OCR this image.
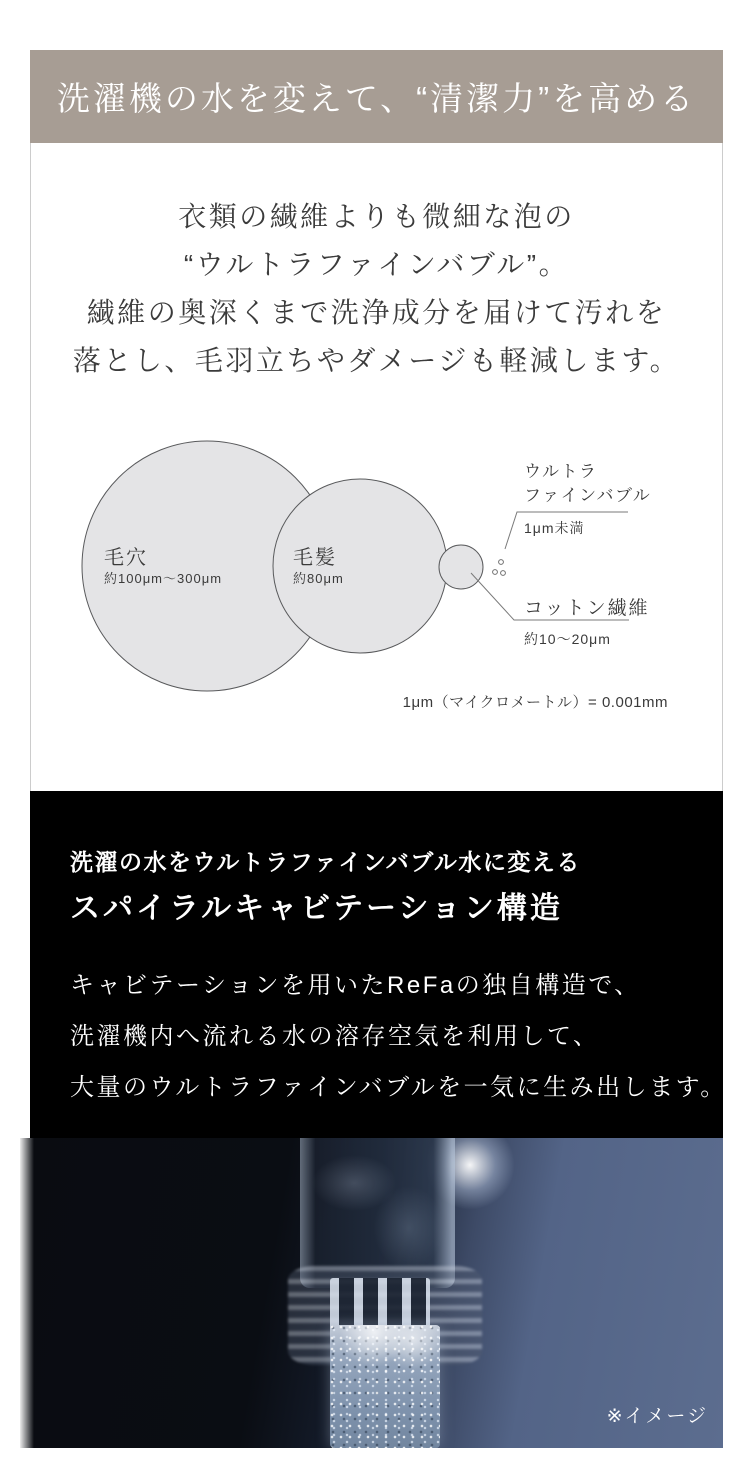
洗濯機の水を変えて、“清潔力”を高める
衣類の繊維よりも微細な泡の
“ウルトラファインバブル”。
繊維の奥深くまで洗浄成分を届けて汚れを
落とし、毛羽立ちやダメージも軽減します。
毛穴
約100μm〜300μm
毛髪
約80μm
ウルトラ
ファインバブル
1μm未満
コットン繊維
約10〜20μm
1μm（マイクロメートル）= 0.001mm
洗濯の水をウルトラファインバブル水に変える
スパイラルキャビテーション構造
キャビテーションを用いたReFaの独自構造で、
洗濯機内へ流れる水の溶存空気を利用して、
大量のウルトラファインバブルを一気に生み出します。
※イメージ
